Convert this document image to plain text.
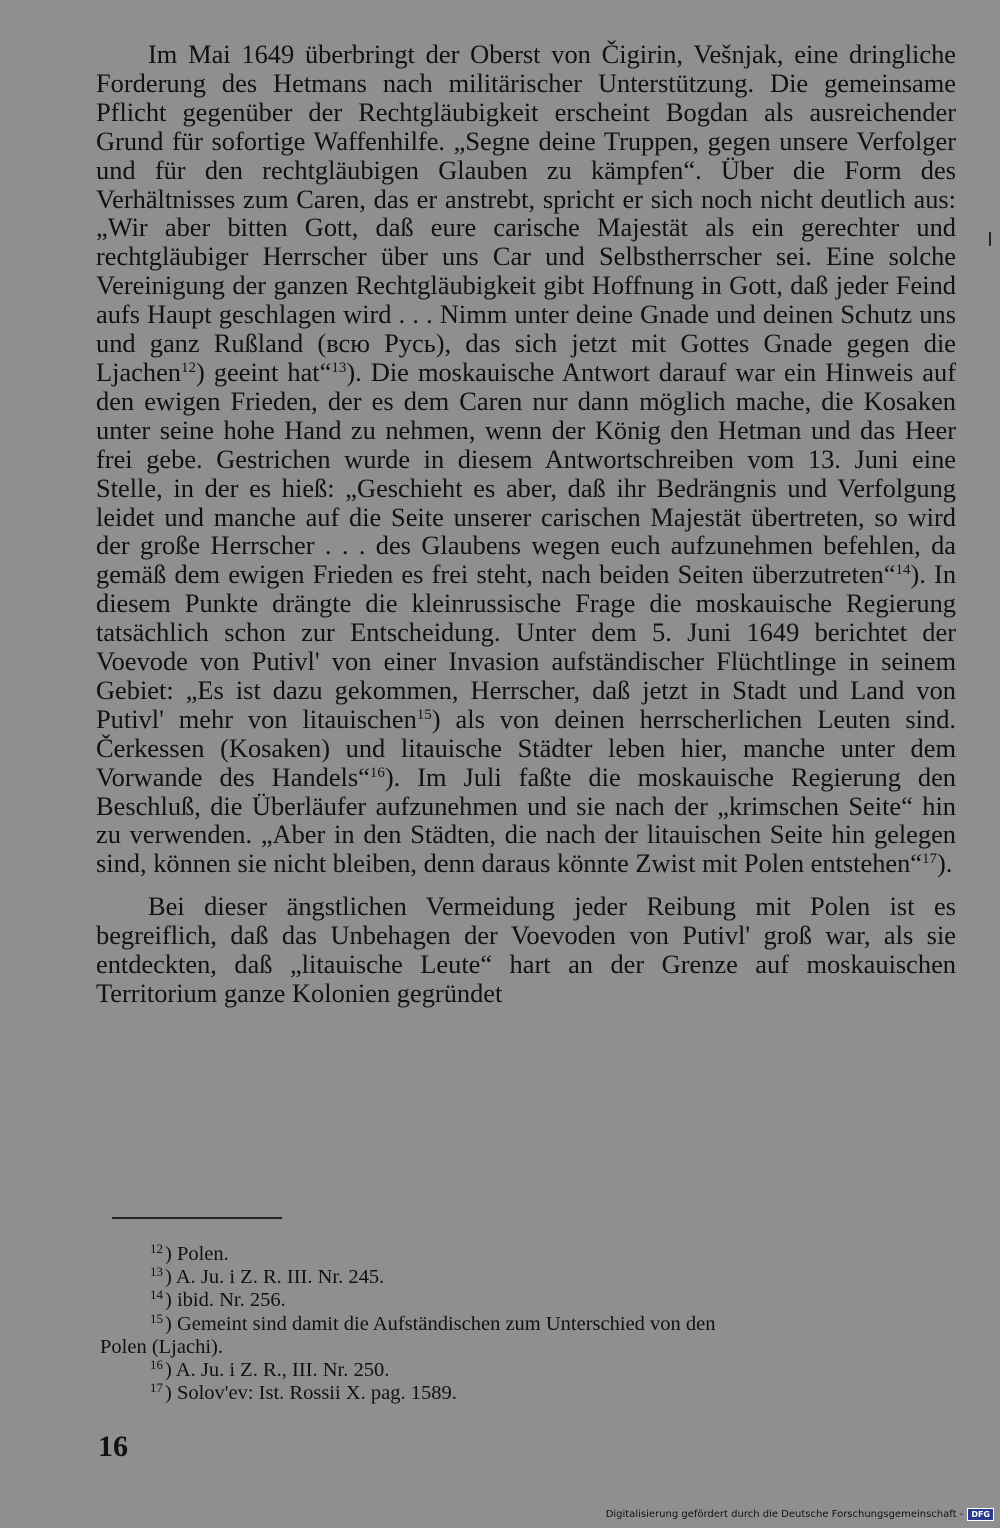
Im Mai 1649 überbringt der Oberst von Čigirin, Vešnjak, eine dringliche Forderung des Hetmans nach militärischer Unterstützung. Die gemeinsame Pflicht gegenüber der Rechtgläubigkeit erscheint Bogdan als ausreichender Grund für sofortige Waffenhilfe. „Segne deine Truppen, gegen unsere Verfolger und für den rechtgläubigen Glauben zu kämpfen“. Über die Form des Verhältnisses zum Caren, das er anstrebt, spricht er sich noch nicht deutlich aus: „Wir aber bitten Gott, daß eure carische Majestät als ein gerechter und rechtgläubiger Herrscher über uns Car und Selbstherrscher sei. Eine solche Vereinigung der ganzen Rechtgläubigkeit gibt Hoffnung in Gott, daß jeder Feind aufs Haupt geschlagen wird . . . Nimm unter deine Gnade und deinen Schutz uns und ganz Rußland (всю Русь), das sich jetzt mit Gottes Gnade gegen die Ljachen$^{12}$) geeint hat“$^{13}$). Die moskauische Antwort darauf war ein Hinweis auf den ewigen Frieden, der es dem Caren nur dann möglich mache, die Kosaken unter seine hohe Hand zu nehmen, wenn der König den Hetman und das Heer frei gebe. Gestrichen wurde in diesem Antwortschreiben vom 13. Juni eine Stelle, in der es hieß: „Geschieht es aber, daß ihr Bedrängnis und Verfolgung leidet und manche auf die Seite unserer carischen Majestät übertreten, so wird der große Herrscher . . . des Glaubens wegen euch aufzunehmen befehlen, da gemäß dem ewigen Frieden es frei steht, nach beiden Seiten überzutreten“$^{14}$). In diesem Punkte drängte die kleinrussische Frage die moskauische Regierung tatsächlich schon zur Entscheidung. Unter dem 5. Juni 1649 berichtet der Voevode von Putivl' von einer Invasion aufständischer Flüchtlinge in seinem Gebiet: „Es ist dazu gekommen, Herrscher, daß jetzt in Stadt und Land von Putivl' mehr von litauischen$^{15}$) als von deinen herrscherlichen Leuten sind. Čerkessen (Kosaken) und litauische Städter leben hier, manche unter dem Vorwande des Handels“$^{16}$). Im Juli faßte die moskauische Regierung den Beschluß, die Überläufer aufzunehmen und sie nach der „krimschen Seite“ hin zu verwenden. „Aber in den Städten, die nach der litauischen Seite hin gelegen sind, können sie nicht bleiben, denn daraus könnte Zwist mit Polen entstehen“$^{17}$).

Bei dieser ängstlichen Vermeidung jeder Reibung mit Polen ist es begreiflich, daß das Unbehagen der Voevoden von Putivl' groß war, als sie entdeckten, daß „litauische Leute“ hart an der Grenze auf moskauischen Territorium ganze Kolonien gegründet

$^{12}$) Polen.
$^{13}$) A. Ju. i Z. R. III. Nr. 245.
$^{14}$) ibid. Nr. 256.
$^{15}$) Gemeint sind damit die Aufständischen zum Unterschied von den
Polen (Ljachi).
$^{16}$) A. Ju. i Z. R., III. Nr. 250.
$^{17}$) Solov'ev: Ist. Rossii X. pag. 1589.
16
Digitalisierung gefördert durch die Deutsche Forschungsgemeinschaft -	DFG
